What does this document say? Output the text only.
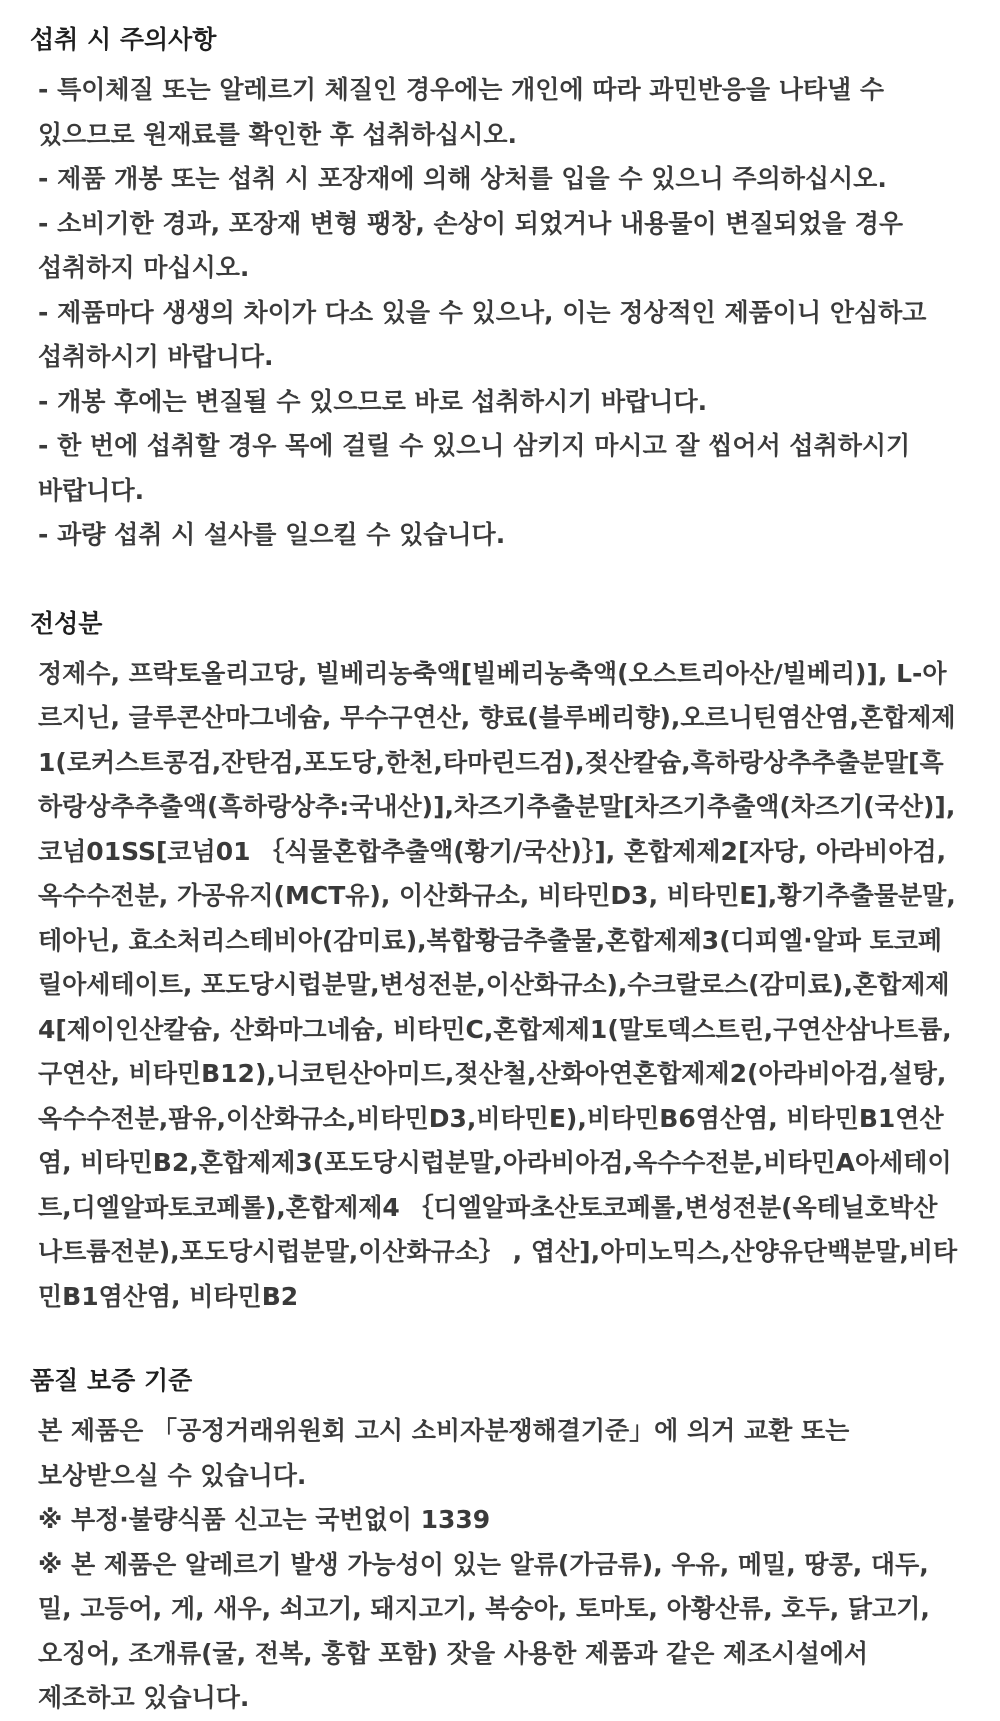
섭취 시 주의사항
- 특이체질 또는 알레르기 체질인 경우에는 개인에 따라 과민반응을 나타낼 수 있으므로 원재료를 확인한 후 섭취하십시오.
- 제품 개봉 또는 섭취 시 포장재에 의해 상처를 입을 수 있으니 주의하십시오.
- 소비기한 경과, 포장재 변형 팽창, 손상이 되었거나 내용물이 변질되었을 경우 섭취하지 마십시오.
- 제품마다 생생의 차이가 다소 있을 수 있으나, 이는 정상적인 제품이니 안심하고 섭취하시기 바랍니다.
- 개봉 후에는 변질될 수 있으므로 바로 섭취하시기 바랍니다.
- 한 번에 섭취할 경우 목에 걸릴 수 있으니 삼키지 마시고 잘 씹어서 섭취하시기 바랍니다.
- 과량 섭취 시 설사를 일으킬 수 있습니다.
전성분
정제수, 프락토올리고당, 빌베리농축액[빌베리농축액(오스트리아산/빌베리)], L-아르지닌, 글루콘산마그네슘, 무수구연산, 향료(블루베리향),오르니틴염산염,혼합제제1(로커스트콩검,잔탄검,포도당,한천,타마린드검),젖산칼슘,흑하랑상추추출분말[흑하랑상추추출액(흑하랑상추:국내산)],차즈기추출분말[차즈기추출액(차즈기(국산)], 코넘01SS[코넘01 ｛식물혼합추출액(황기/국산)｝], 혼합제제2[자당, 아라비아검, 옥수수전분, 가공유지(MCT유), 이산화규소, 비타민D3, 비타민E],황기추출물분말,테아닌, 효소처리스테비아(감미료),복합황금추출물,혼합제제3(디피엘·알파 토코페릴아세테이트, 포도당시럽분말,변성전분,이산화규소),수크랄로스(감미료),혼합제제4[제이인산칼슘, 산화마그네슘, 비타민C,혼합제제1(말토덱스트린,구연산삼나트륨,구연산, 비타민B12),니코틴산아미드,젖산철,산화아연혼합제제2(아라비아검,설탕,옥수수전분,팜유,이산화규소,비타민D3,비타민E),비타민B6염산염, 비타민B1연산염, 비타민B2,혼합제제3(포도당시럽분말,아라비아검,옥수수전분,비타민A아세테이트,디엘알파토코페롤),혼합제제4 ｛디엘알파초산토코페롤,변성전분(옥테닐호박산나트륨전분),포도당시럽분말,이산화규소｝ , 엽산],아미노믹스,산양유단백분말,비타민B1염산염, 비타민B2
품질 보증 기준
본 제품은 「공정거래위원회 고시 소비자분쟁해결기준」에 의거 교환 또는 보상받으실 수 있습니다.
※ 부정·불량식품 신고는 국번없이 1339
※ 본 제품은 알레르기 발생 가능성이 있는 알류(가금류), 우유, 메밀, 땅콩, 대두, 밀, 고등어, 게, 새우, 쇠고기, 돼지고기, 복숭아, 토마토, 아황산류, 호두, 닭고기, 오징어, 조개류(굴, 전복, 홍합 포함) 잣을 사용한 제품과 같은 제조시설에서 제조하고 있습니다.
